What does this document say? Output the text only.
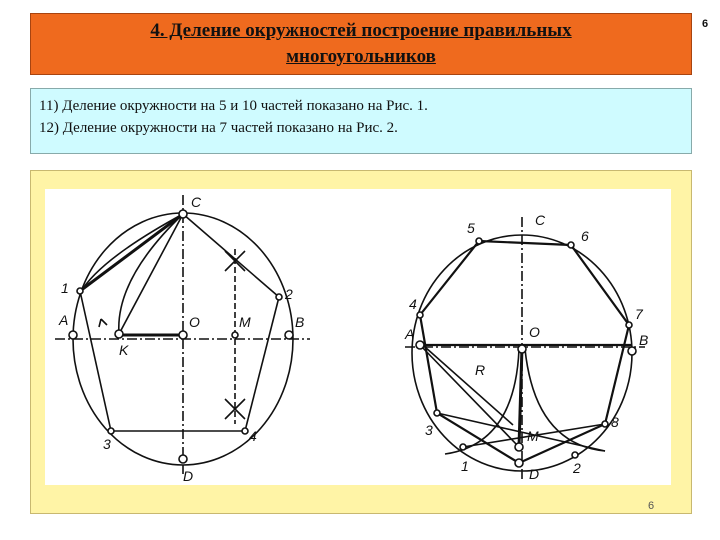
4. Деление окружностей построение правильных
многоугольников
6
11) Деление окружности на 5 и 10 частей показано на Рис. 1.
12) Деление окружности на 7 частей показано на Рис. 2.
C
1	2
A
K
O	M	B
3	4
D
C
5	6
4
7
A	O	B
R
3	8
M
1	2
D
6
